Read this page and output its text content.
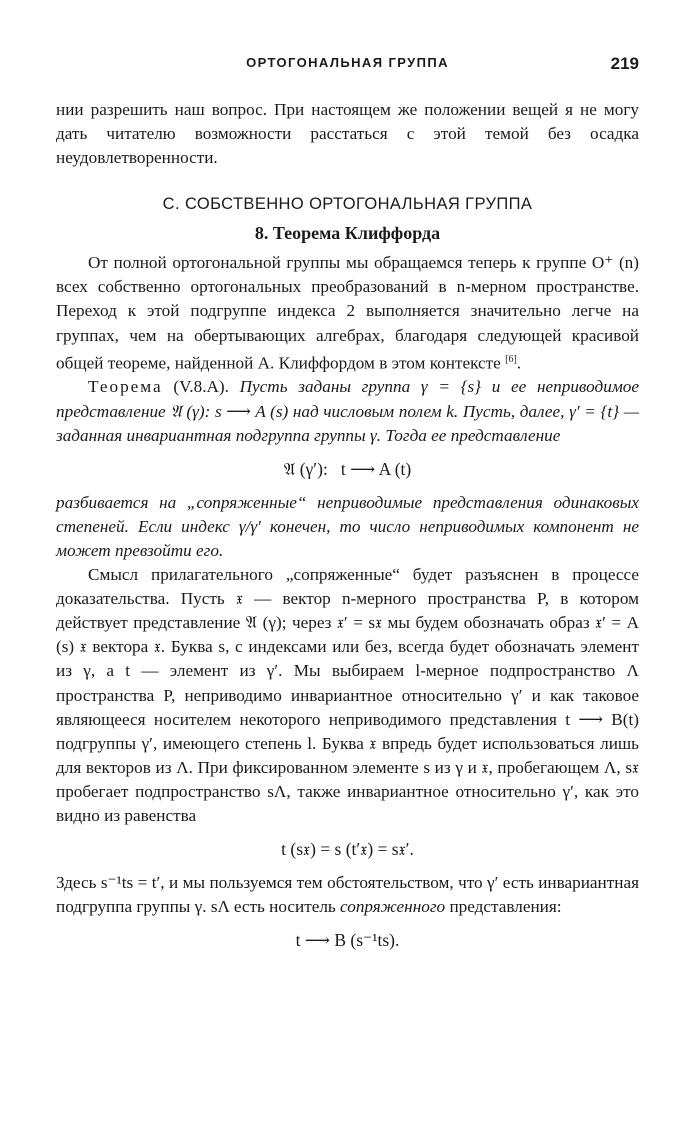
ОРТОГОНАЛЬНАЯ ГРУППА	219

нии разрешить наш вопрос. При настоящем же положении вещей я не могу дать читателю возможности расстаться с этой темой без осадка неудовлетворенности.

С. СОБСТВЕННО ОРТОГОНАЛЬНАЯ ГРУППА
8. Теорема Клиффорда

От полной ортогональной группы мы обращаемся теперь к группе O⁺ (n) всех собственно ортогональных преобразований в n-мерном пространстве. Переход к этой подгруппе индекса 2 выполняется значительно легче на группах, чем на обертывающих алгебрах, благодаря следующей красивой общей теореме, найденной А. Клиффордом в этом контексте [6].

Теорема (V.8.A). Пусть заданы группа γ = {s} и ее неприводимое представление 𝔄 (γ): s ⟶ A (s) над числовым полем k. Пусть, далее, γ′ = {t} — заданная инвариантная подгруппа группы γ. Тогда ее представление

𝔄 (γ′):   t ⟶ A (t)

разбивается на „сопряженные“ неприводимые представления одинаковых степеней. Если индекс γ/γ′ конечен, то число неприводимых компонент не может превзойти его.

Смысл прилагательного „сопряженные“ будет разъяснен в процессе доказательства. Пусть 𝔵 — вектор n-мерного пространства P, в котором действует представление 𝔄 (γ); через 𝔵′ = s𝔵 мы будем обозначать образ 𝔵′ = A (s) 𝔵 вектора 𝔵. Буква s, с индексами или без, всегда будет обозначать элемент из γ, а t — элемент из γ′. Мы выбираем l-мерное подпространство Λ пространства P, неприводимо инвариантное относительно γ′ и как таковое являющееся носителем некоторого неприводимого представления t ⟶ B(t) подгруппы γ′, имеющего степень l. Буква 𝔵 впредь будет использоваться лишь для векторов из Λ. При фиксированном элементе s из γ и 𝔵, пробегающем Λ, s𝔵 пробегает подпространство sΛ, также инвариантное относительно γ′, как это видно из равенства

t (s𝔵) = s (t′𝔵) = s𝔵′.

Здесь s⁻¹ts = t′, и мы пользуемся тем обстоятельством, что γ′ есть инвариантная подгруппа группы γ. sΛ есть носитель сопряженного представления:

t ⟶ B (s⁻¹ts).
